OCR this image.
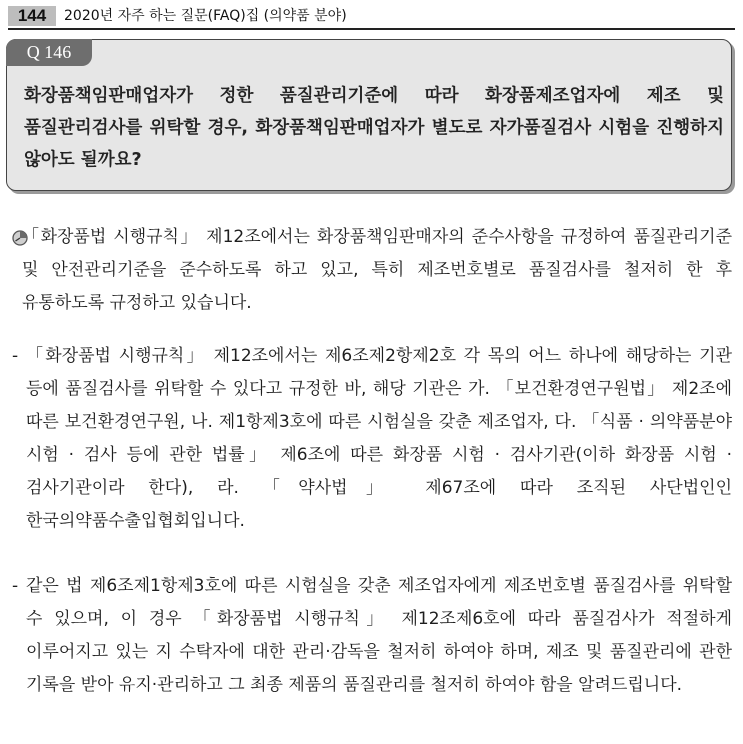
144	2020년 자주 하는 질문(FAQ)집 (의약품 분야)
Q 146
화장품책임판매업자가 정한 품질관리기준에 따라 화장품제조업자에 제조 및 품질관리검사를 위탁할 경우, 화장품책임판매업자가 별도로 자가품질검사 시험을 진행하지 않아도 될까요?
「화장품법 시행규칙」 제12조에서는 화장품책임판매자의 준수사항을 규정하여 품질관리기준 및 안전관리기준을 준수하도록 하고 있고, 특히 제조번호별로 품질검사를 철저히 한 후 유통하도록 규정하고 있습니다.
- 「화장품법 시행규칙」 제12조에서는 제6조제2항제2호 각 목의 어느 하나에 해당하는 기관 등에 품질검사를 위탁할 수 있다고 규정한 바, 해당 기관은 가. 「보건환경연구원법」 제2조에 따른 보건환경연구원, 나. 제1항제3호에 따른 시험실을 갖춘 제조업자, 다. 「식품 · 의약품분야 시험 · 검사 등에 관한 법률」 제6조에 따른 화장품 시험 · 검사기관(이하 화장품 시험 · 검사기관이라 한다), 라. 「약사법」 제67조에 따라 조직된 사단법인인 한국의약품수출입협회입니다.
- 같은 법 제6조제1항제3호에 따른 시험실을 갖춘 제조업자에게 제조번호별 품질검사를 위탁할 수 있으며, 이 경우 「화장품법 시행규칙」 제12조제6호에 따라 품질검사가 적절하게 이루어지고 있는 지 수탁자에 대한 관리·감독을 철저히 하여야 하며, 제조 및 품질관리에 관한 기록을 받아 유지·관리하고 그 최종 제품의 품질관리를 철저히 하여야 함을 알려드립니다.
